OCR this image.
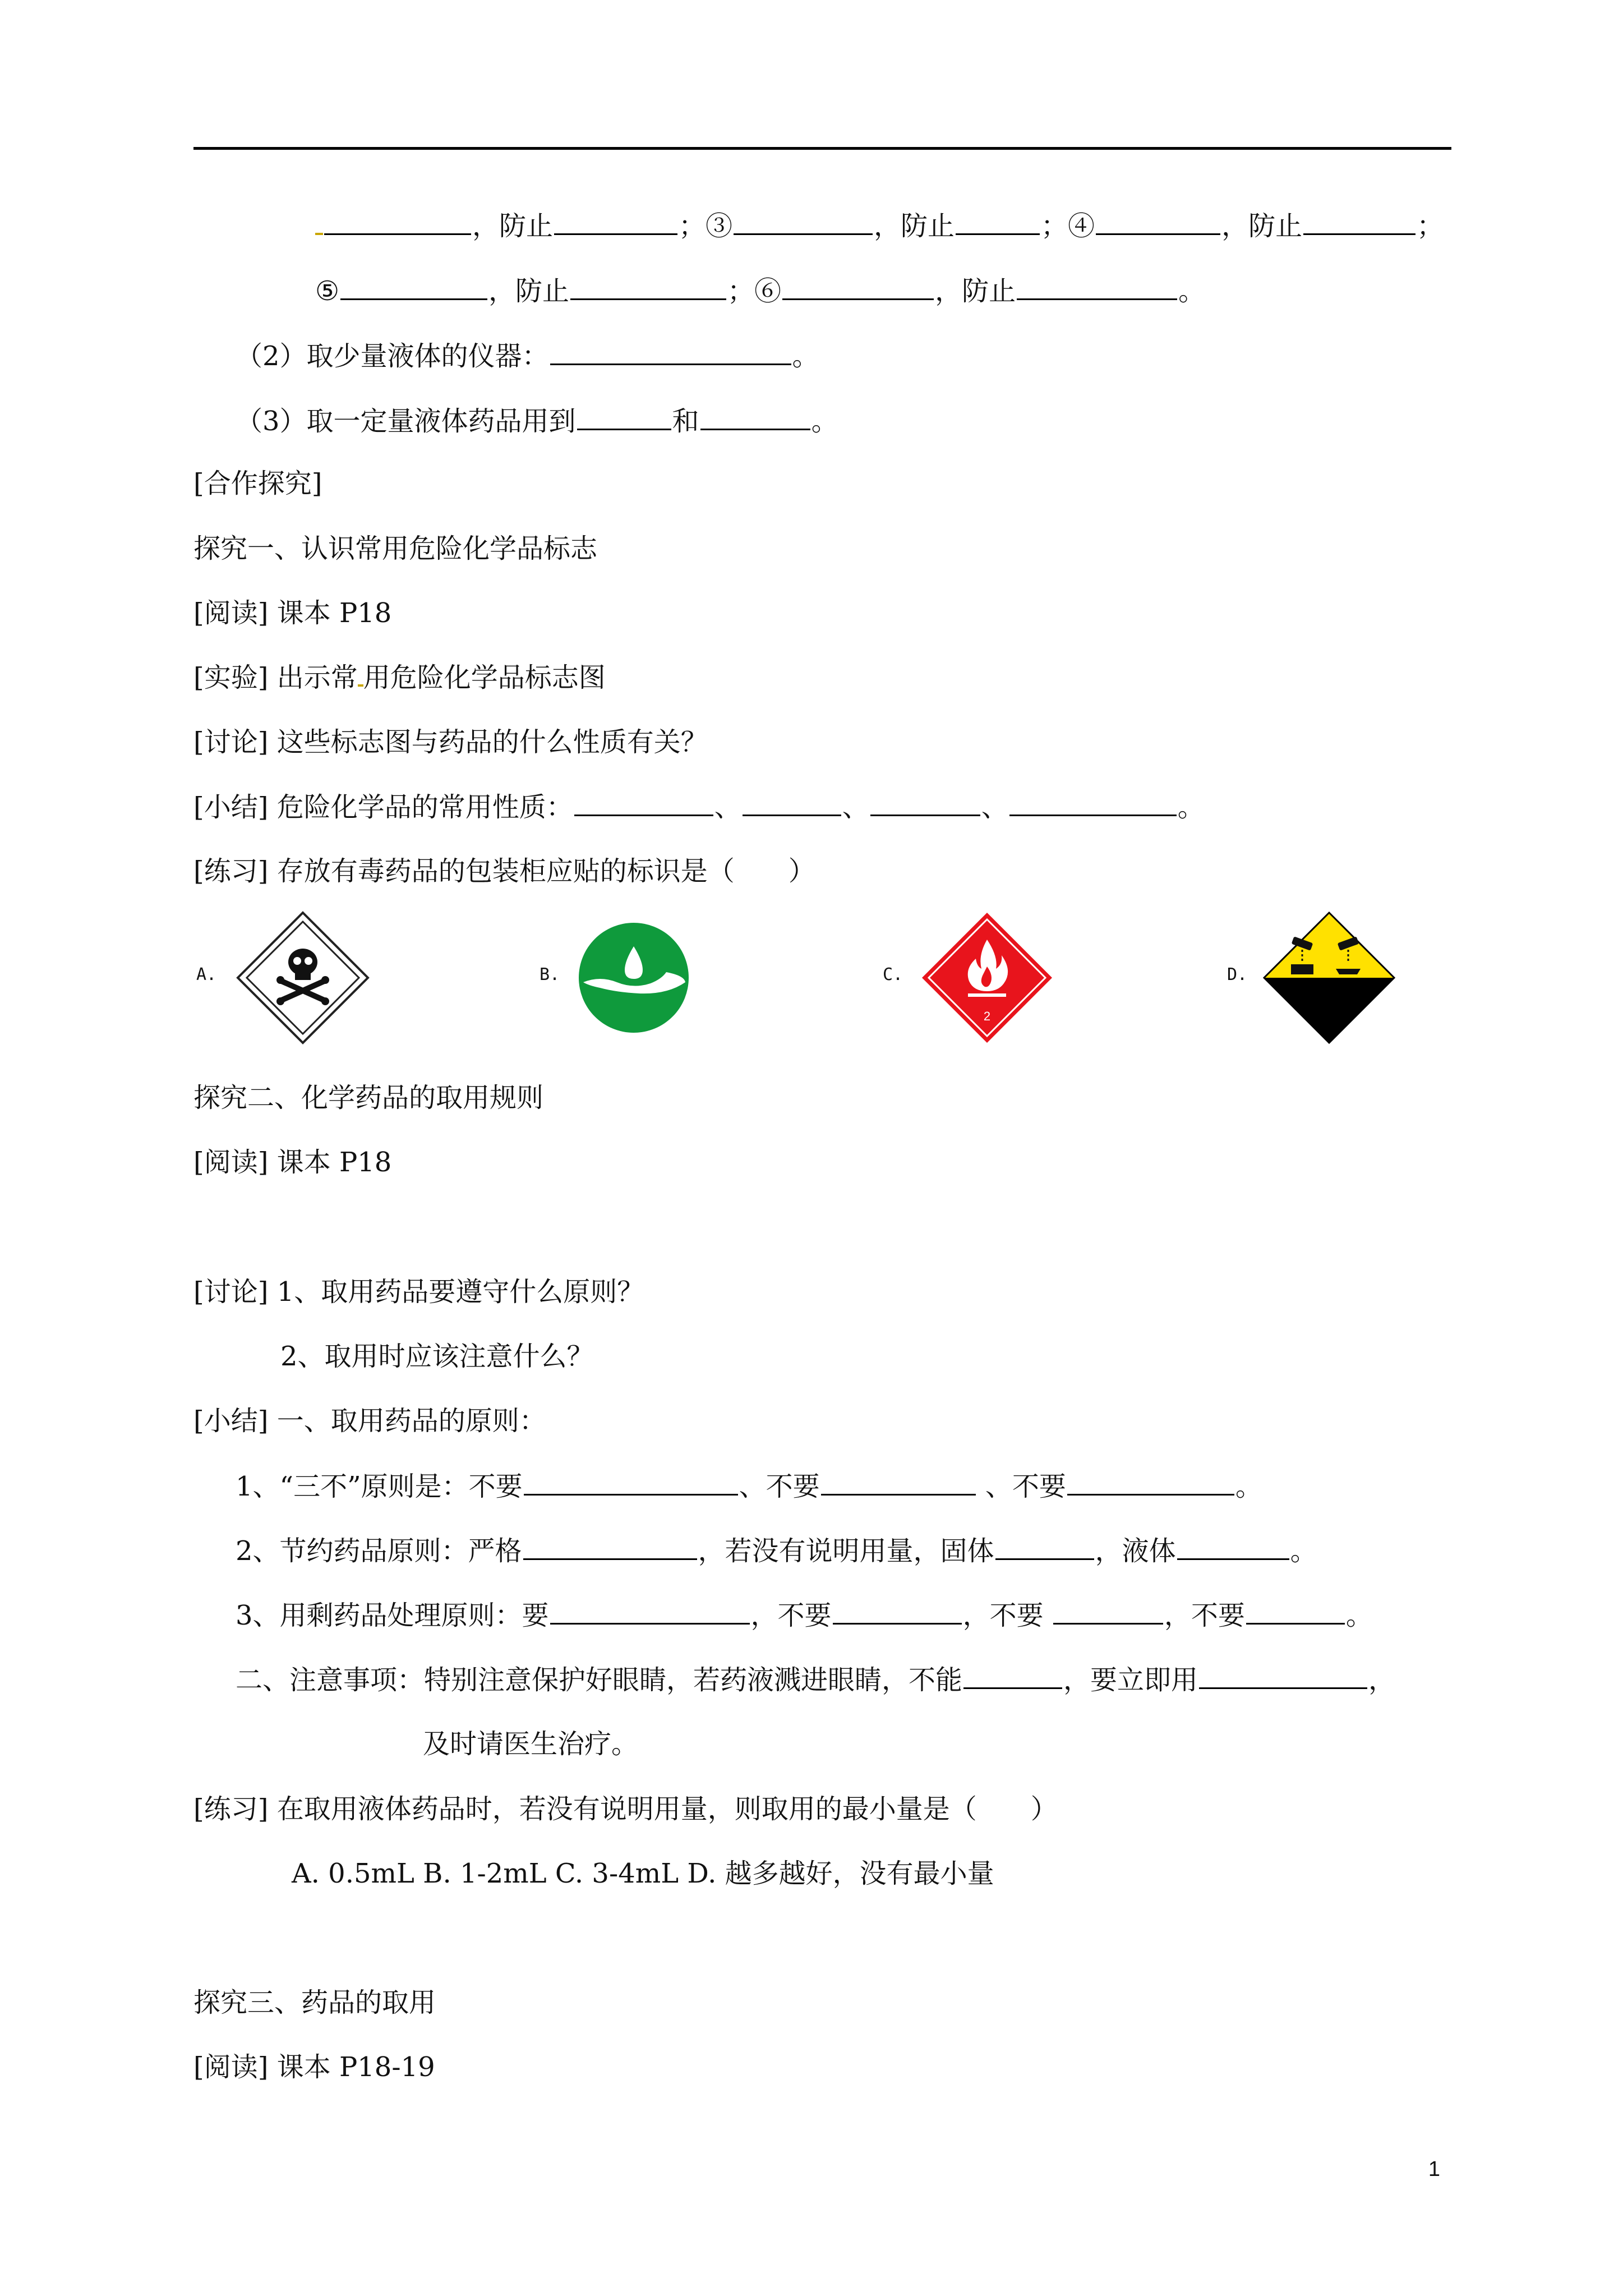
，防止	；③	，防止	；④	，防止	；
⑤	，防止	；⑥	，防止	。
（2）取少量液体的仪器：	。
（3）取一定量液体药品用到	和	。
[合作探究]
探究一、认识常用危险化学品标志
[阅读] 课本 P18
[实验] 出示常 用危险化学品标志图
[讨论] 这些标志图与药品的什么性质有关？
[小结] 危险化学品的常用性质：	、	、	、	。
[练习] 存放有毒药品的包装柜应贴的标识是（　　）
A.	B.	C.
2
D.
探究二、化学药品的取用规则
[阅读] 课本 P18
[讨论] 1、取用药品要遵守什么原则？
2、取用时应该注意什么？
[小结] 一、取用药品的原则：
1、“三不”原则是：不要	、不要	、不要	。
2、节约药品原则：严格	，若没有说明用量，固体	，液体	。
3、用剩药品处理原则：要	，不要	，不要	，不要	。
二、注意事项：特别注意保护好眼睛，若药液溅进眼睛，不能	，要立即用	，
及时请医生治疗。
[练习] 在取用液体药品时，若没有说明用量，则取用的最小量是（　　）
A. 0.5mL B. 1-2mL C. 3-4mL D. 越多越好，没有最小量
探究三、药品的取用
[阅读] 课本 P18-19
1
